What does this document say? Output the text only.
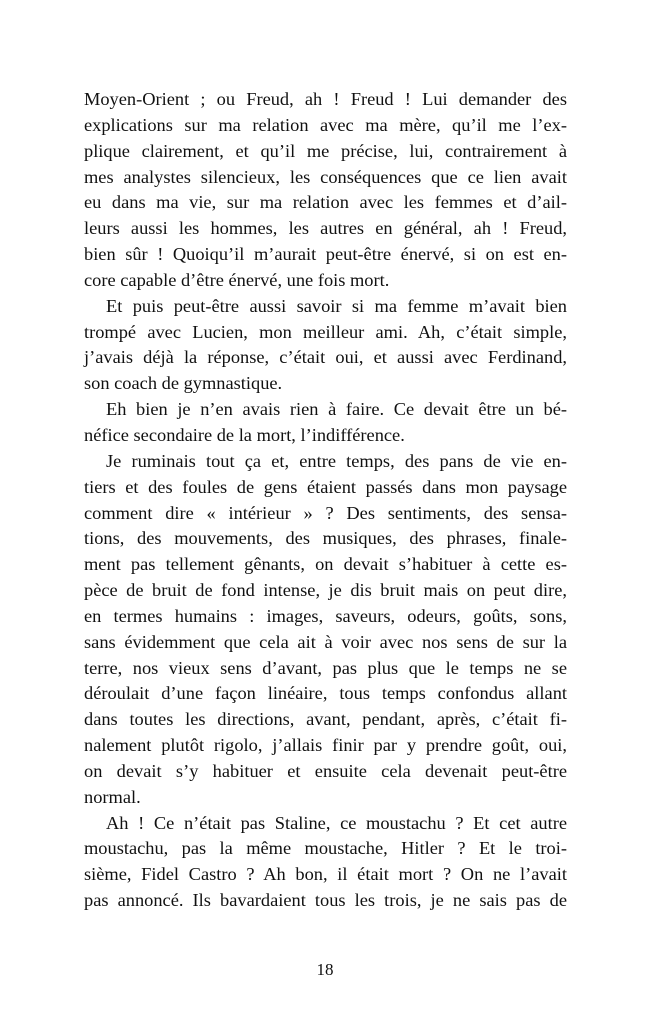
Moyen-Orient ; ou Freud, ah ! Freud ! Lui demander des
explications sur ma relation avec ma mère, qu’il me l’ex-
plique clairement, et qu’il me précise, lui, contrairement à
mes analystes silencieux, les conséquences que ce lien avait
eu dans ma vie, sur ma relation avec les femmes et d’ail-
leurs aussi les hommes, les autres en général, ah ! Freud,
bien sûr ! Quoiqu’il m’aurait peut-être énervé, si on est en-
core capable d’être énervé, une fois mort.
Et puis peut-être aussi savoir si ma femme m’avait bien
trompé avec Lucien, mon meilleur ami. Ah, c’était simple,
j’avais déjà la réponse, c’était oui, et aussi avec Ferdinand,
son coach de gymnastique.
Eh bien je n’en avais rien à faire. Ce devait être un bé-
néfice secondaire de la mort, l’indifférence.
Je ruminais tout ça et, entre temps, des pans de vie en-
tiers et des foules de gens étaient passés dans mon paysage
comment dire « intérieur » ? Des sentiments, des sensa-
tions, des mouvements, des musiques, des phrases, finale-
ment pas tellement gênants, on devait s’habituer à cette es-
pèce de bruit de fond intense, je dis bruit mais on peut dire,
en termes humains : images, saveurs, odeurs, goûts, sons,
sans évidemment que cela ait à voir avec nos sens de sur la
terre, nos vieux sens d’avant, pas plus que le temps ne se
déroulait d’une façon linéaire, tous temps confondus allant
dans toutes les directions, avant, pendant, après, c’était fi-
nalement plutôt rigolo, j’allais finir par y prendre goût, oui,
on devait s’y habituer et ensuite cela devenait peut-être
normal.
Ah ! Ce n’était pas Staline, ce moustachu ? Et cet autre
moustachu, pas la même moustache, Hitler ? Et le troi-
sième, Fidel Castro ? Ah bon, il était mort ? On ne l’avait
pas annoncé. Ils bavardaient tous les trois, je ne sais pas de
18
